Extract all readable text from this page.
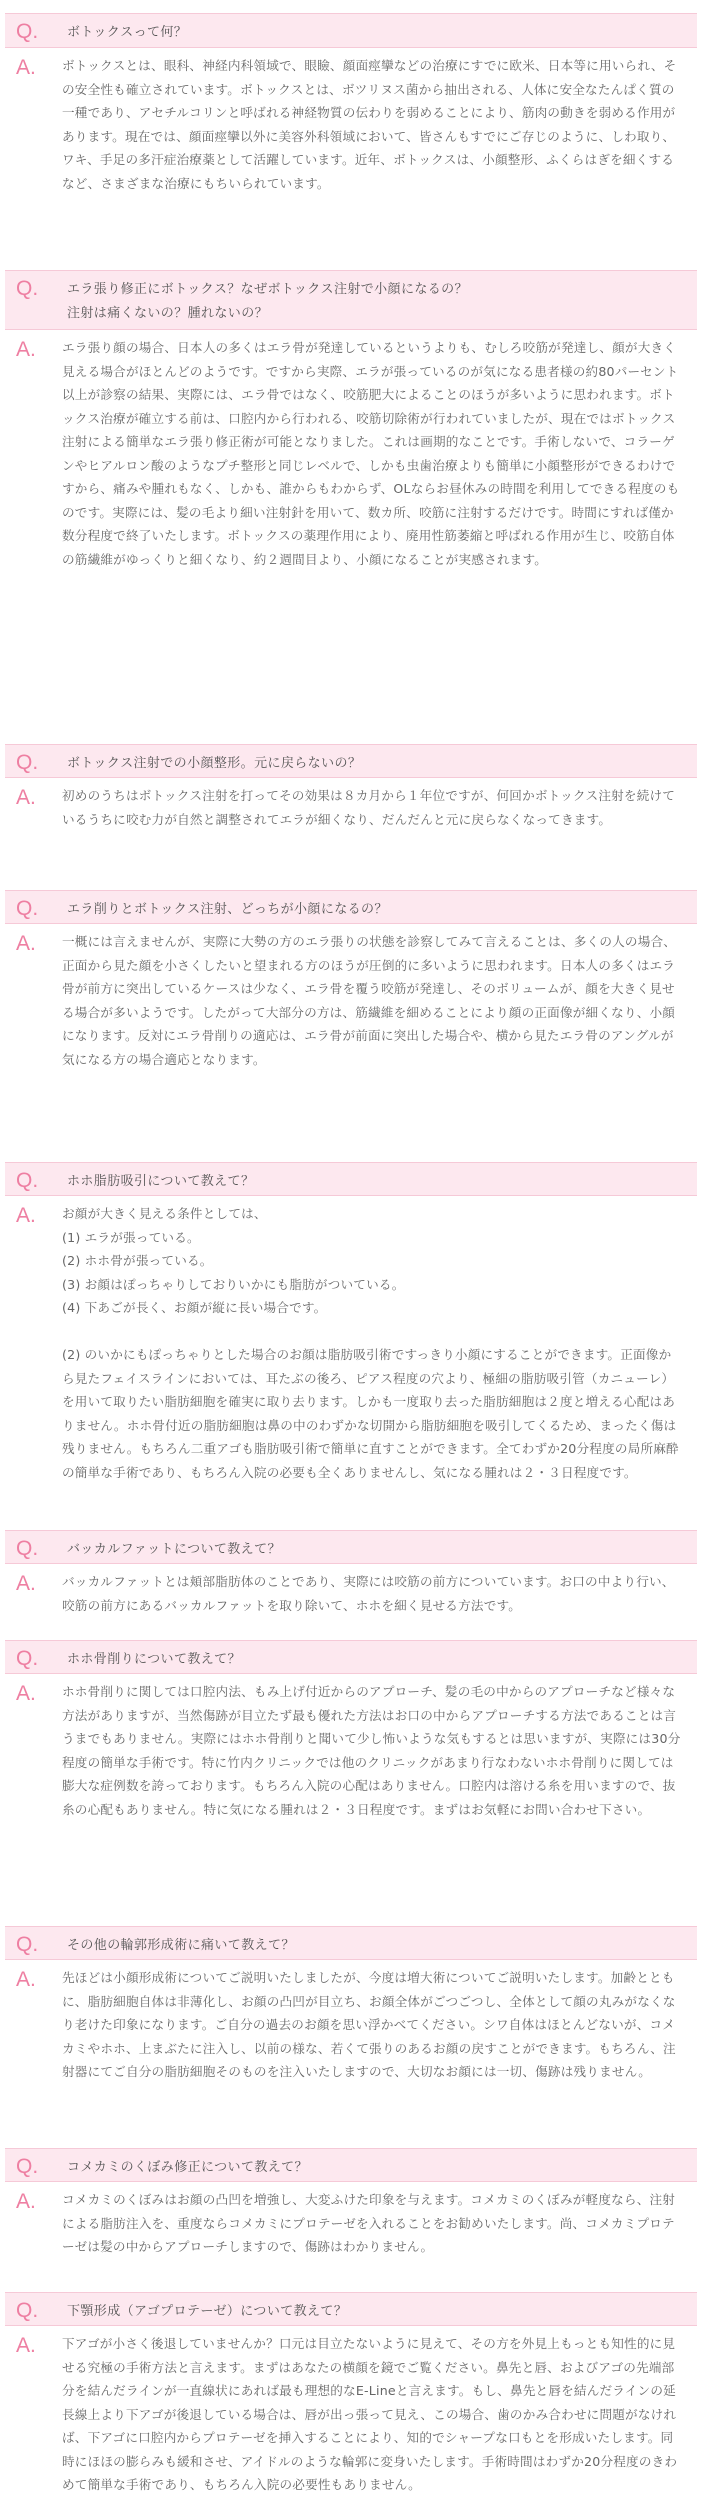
Q. ボトックスって何？
A. ボトックスとは、眼科、神経内科領域で、眼瞼、顔面痙攣などの治療にすでに欧米、日本等に用いられ、その安全性も確立されています。ボトックスとは、ボツリヌス菌から抽出される、人体に安全なたんぱく質の一種であり、アセチルコリンと呼ばれる神経物質の伝わりを弱めることにより、筋肉の動きを弱める作用があります。現在では、顔面痙攣以外に美容外科領域において、皆さんもすでにご存じのように、しわ取り、ワキ、手足の多汗症治療薬として活躍しています。近年、ボトックスは、小顔整形、ふくらはぎを細くするなど、さまざまな治療にもちいられています。
Q. エラ張り修正にボトックス？なぜボトックス注射で小顔になるの？
注射は痛くないの？腫れないの？
A. エラ張り顔の場合、日本人の多くはエラ骨が発達しているというよりも、むしろ咬筋が発達し、顔が大きく見える場合がほとんどのようです。ですから実際、エラが張っているのが気になる患者様の約80パーセント以上が診察の結果、実際には、エラ骨ではなく、咬筋肥大によることのほうが多いように思われます。ボトックス治療が確立する前は、口腔内から行われる、咬筋切除術が行われていましたが、現在ではボトックス注射による簡単なエラ張り修正術が可能となりました。これは画期的なことです。手術しないで、コラーゲンやヒアルロン酸のようなプチ整形と同じレベルで、しかも虫歯治療よりも簡単に小顔整形ができるわけですから、痛みや腫れもなく、しかも、誰からもわからず、OLならお昼休みの時間を利用してできる程度のものです。実際には、髪の毛より細い注射針を用いて、数カ所、咬筋に注射するだけです。時間にすれば僅か数分程度で終了いたします。ボトックスの薬理作用により、廃用性筋萎縮と呼ばれる作用が生じ、咬筋自体の筋繊維がゆっくりと細くなり、約２週間目より、小顔になることが実感されます。
Q. ボトックス注射での小顔整形。元に戻らないの？
A. 初めのうちはボトックス注射を打ってその効果は８カ月から１年位ですが、何回かボトックス注射を続けているうちに咬む力が自然と調整されてエラが細くなり、だんだんと元に戻らなくなってきます。
Q. エラ削りとボトックス注射、どっちが小顔になるの？
A. 一概には言えませんが、実際に大勢の方のエラ張りの状態を診察してみて言えることは、多くの人の場合、正面から見た顔を小さくしたいと望まれる方のほうが圧倒的に多いように思われます。日本人の多くはエラ骨が前方に突出しているケースは少なく、エラ骨を覆う咬筋が発達し、そのボリュームが、顔を大きく見せる場合が多いようです。したがって大部分の方は、筋繊維を細めることにより顔の正面像が細くなり、小顔になります。反対にエラ骨削りの適応は、エラ骨が前面に突出した場合や、横から見たエラ骨のアングルが気になる方の場合適応となります。
Q. ホホ脂肪吸引について教えて？
A. お顔が大きく見える条件としては、
(1) エラが張っている。
(2) ホホ骨が張っている。
(3) お顔はぽっちゃりしておりいかにも脂肪がついている。
(4) 下あごが長く、お顔が縦に長い場合です。

(2) のいかにもぽっちゃりとした場合のお顔は脂肪吸引術ですっきり小顔にすることができます。正面像から見たフェイスラインにおいては、耳たぶの後ろ、ピアス程度の穴より、極細の脂肪吸引管（カニューレ）を用いて取りたい脂肪細胞を確実に取り去ります。しかも一度取り去った脂肪細胞は２度と増える心配はありません。ホホ骨付近の脂肪細胞は鼻の中のわずかな切開から脂肪細胞を吸引してくるため、まったく傷は残りません。もちろん二重アゴも脂肪吸引術で簡単に直すことができます。全てわずか20分程度の局所麻酔の簡単な手術であり、もちろん入院の必要も全くありませんし、気になる腫れは２・３日程度です。
Q. バッカルファットについて教えて？
A. バッカルファットとは頬部脂肪体のことであり、実際には咬筋の前方についています。お口の中より行い、咬筋の前方にあるバッカルファットを取り除いて、ホホを細く見せる方法です。
Q. ホホ骨削りについて教えて？
A. ホホ骨削りに関しては口腔内法、もみ上げ付近からのアプローチ、髪の毛の中からのアプローチなど様々な方法がありますが、当然傷跡が目立たず最も優れた方法はお口の中からアプローチする方法であることは言うまでもありません。実際にはホホ骨削りと聞いて少し怖いような気もするとは思いますが、実際には30分程度の簡単な手術です。特に竹内クリニックでは他のクリニックがあまり行なわないホホ骨削りに関しては膨大な症例数を誇っております。もちろん入院の心配はありません。口腔内は溶ける糸を用いますので、抜糸の心配もありません。特に気になる腫れは２・３日程度です。まずはお気軽にお問い合わせ下さい。
Q. その他の輪郭形成術に痛いて教えて？
A. 先ほどは小顔形成術についてご説明いたしましたが、今度は増大術についてご説明いたします。加齢とともに、脂肪細胞自体は非薄化し、お顔の凸凹が目立ち、お顔全体がごつごつし、全体として顔の丸みがなくなり老けた印象になります。ご自分の過去のお顔を思い浮かべてください。シワ自体はほとんどないが、コメカミやホホ、上まぶたに注入し、以前の様な、若くて張りのあるお顔の戻すことができます。もちろん、注射器にてご自分の脂肪細胞そのものを注入いたしますので、大切なお顔には一切、傷跡は残りません。
Q. コメカミのくぼみ修正について教えて？
A. コメカミのくぼみはお顔の凸凹を増強し、大変ふけた印象を与えます。コメカミのくぼみが軽度なら、注射による脂肪注入を、重度ならコメカミにプロテーゼを入れることをお勧めいたします。尚、コメカミプロテーゼは髪の中からアプローチしますので、傷跡はわかりません。
Q. 下顎形成（アゴプロテーゼ）について教えて？
A. 下アゴが小さく後退していませんか？口元は目立たないように見えて、その方を外見上もっとも知性的に見せる究極の手術方法と言えます。まずはあなたの横顔を鏡でご覧ください。鼻先と唇、およびアゴの先端部分を結んだラインが一直線状にあれば最も理想的なE-Lineと言えます。もし、鼻先と唇を結んだラインの延長線上より下アゴが後退している場合は、唇が出っ張って見え、この場合、歯のかみ合わせに問題がなければ、下アゴに口腔内からプロテーゼを挿入することにより、知的でシャープな口もとを形成いたします。同時にほほの膨らみも緩和させ、アイドルのような輪郭に変身いたします。手術時間はわずか20分程度のきわめて簡単な手術であり、もちろん入院の必要性もありません。
